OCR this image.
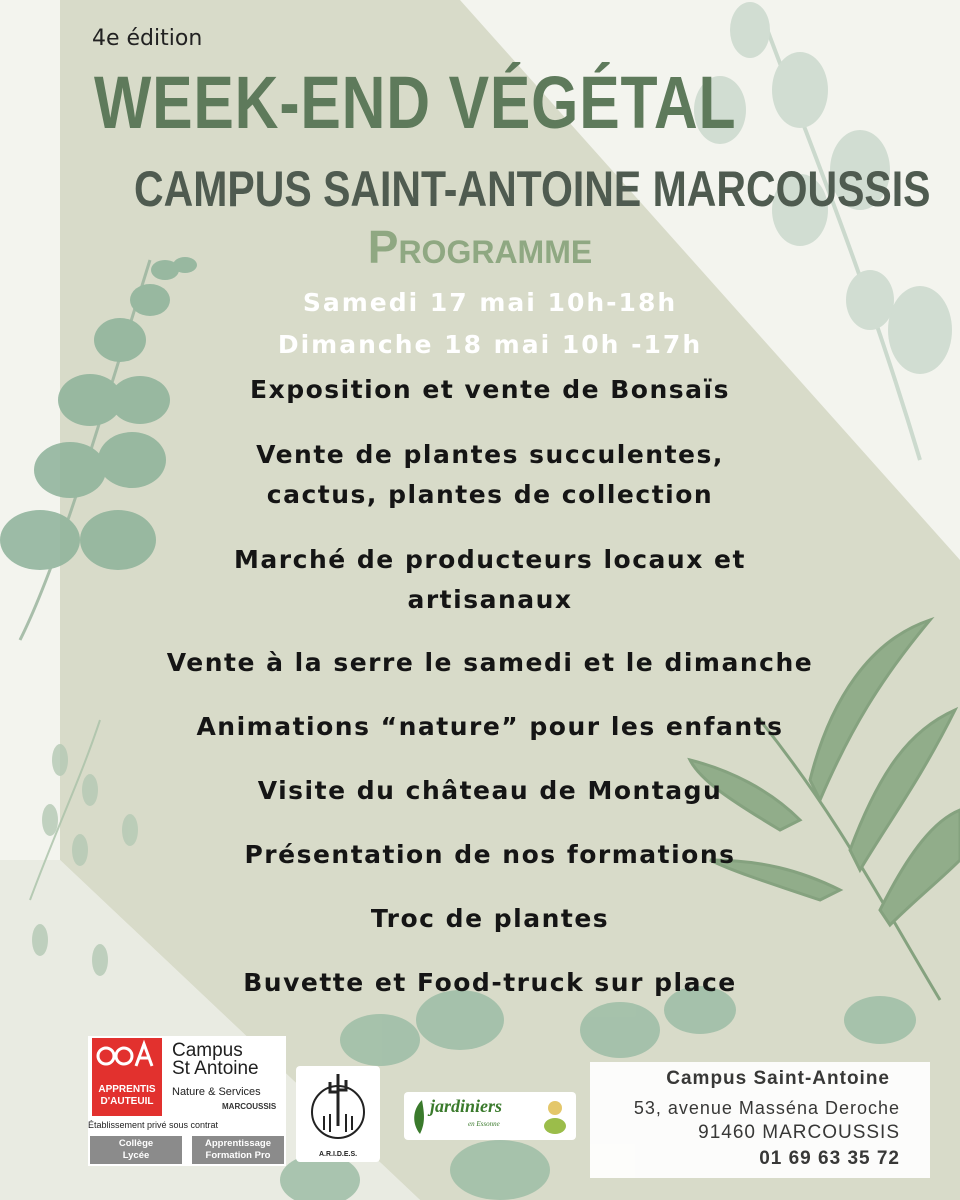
4e édition
WEEK-END VÉGÉTAL
CAMPUS SAINT-ANTOINE MARCOUSSIS
Programme
Samedi 17 mai 10h-18h
Dimanche 18 mai 10h -17h
Exposition et vente de Bonsaïs
Vente de plantes succulentes,
cactus, plantes de collection
Marché de producteurs locaux et
artisanaux
Vente à la serre le samedi et le dimanche
Animations “nature” pour les enfants
Visite du château de Montagu
Présentation de nos formations
Troc de plantes
Buvette et Food-truck sur place
APPRENTIS
D'AUTEUIL
Campus
St Antoine
Nature & Services
MARCOUSSIS
Établissement privé sous contrat
Collège
Lycée
Apprentissage
Formation Pro	A.R.I.D.E.S.
jardiniers
en Essonne
Campus Saint-Antoine
53, avenue Masséna Deroche
91460 MARCOUSSIS
01 69 63 35 72
